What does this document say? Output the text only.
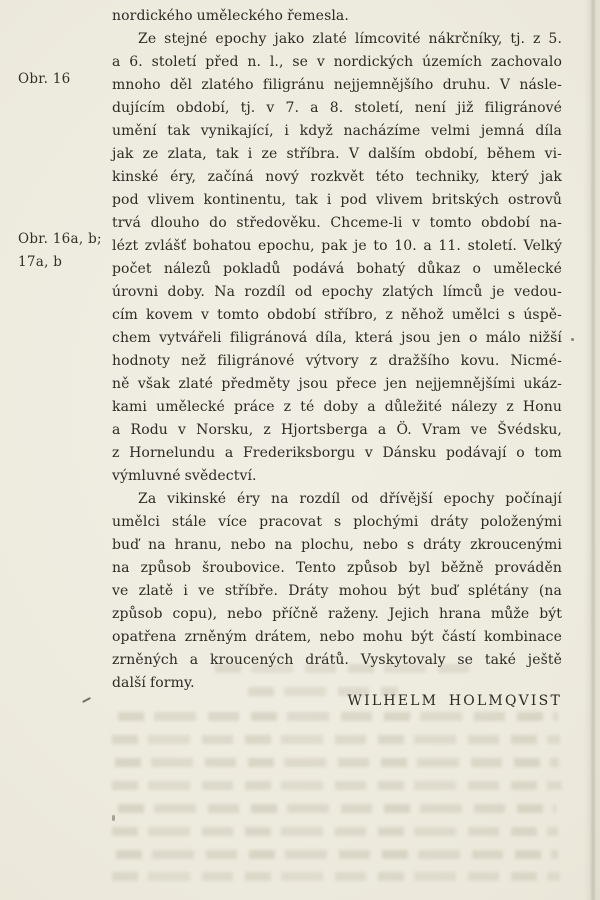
Obr. 16
Obr. 16a, b;
17a, b
nordického uměleckého řemesla.
Ze stejné epochy jako zlaté límcovité nákrčníky, tj. z 5.
a 6. století před n. l., se v nordických územích zachovalo
mnoho děl zlatého filigránu nejjemnějšího druhu. V násle-
dujícím období, tj. v 7. a 8. století, není již filigránové
umění tak vynikající, i když nacházíme velmi jemná díla
jak ze zlata, tak i ze stříbra. V dalším období, během vi-
kinské éry, začíná nový rozkvět této techniky, který jak
pod vlivem kontinentu, tak i pod vlivem britských ostrovů
trvá dlouho do středověku. Chceme-li v tomto období na-
lézt zvlášť bohatou epochu, pak je to 10. a 11. století. Velký
počet nálezů pokladů podává bohatý důkaz o umělecké
úrovni doby. Na rozdíl od epochy zlatých límců je vedou-
cím kovem v tomto období stříbro, z něhož umělci s úspě-
chem vytvářeli filigránová díla, která jsou jen o málo nižší
hodnoty než filigránové výtvory z dražšího kovu. Nicmé-
ně však zlaté předměty jsou přece jen nejjemnějšími ukáz-
kami umělecké práce z té doby a důležité nálezy z Honu
a Rodu v Norsku, z Hjortsberga a Ö. Vram ve Švédsku,
z Hornelundu a Frederiksborgu v Dánsku podávají o tom
výmluvné svědectví.
Za vikinské éry na rozdíl od dřívější epochy počínají
umělci stále více pracovat s plochými dráty položenými
buď na hranu, nebo na plochu, nebo s dráty zkroucenými
na způsob šroubovice. Tento způsob byl běžně prováděn
ve zlatě i ve stříbře. Dráty mohou být buď splétány (na
způsob copu), nebo příčně raženy. Jejich hrana může být
opatřena zrněným drátem, nebo mohu být částí kombinace
zrněných a kroucených drátů. Vyskytovaly se také ještě
další formy.
WILHELM HOLMQVIST
